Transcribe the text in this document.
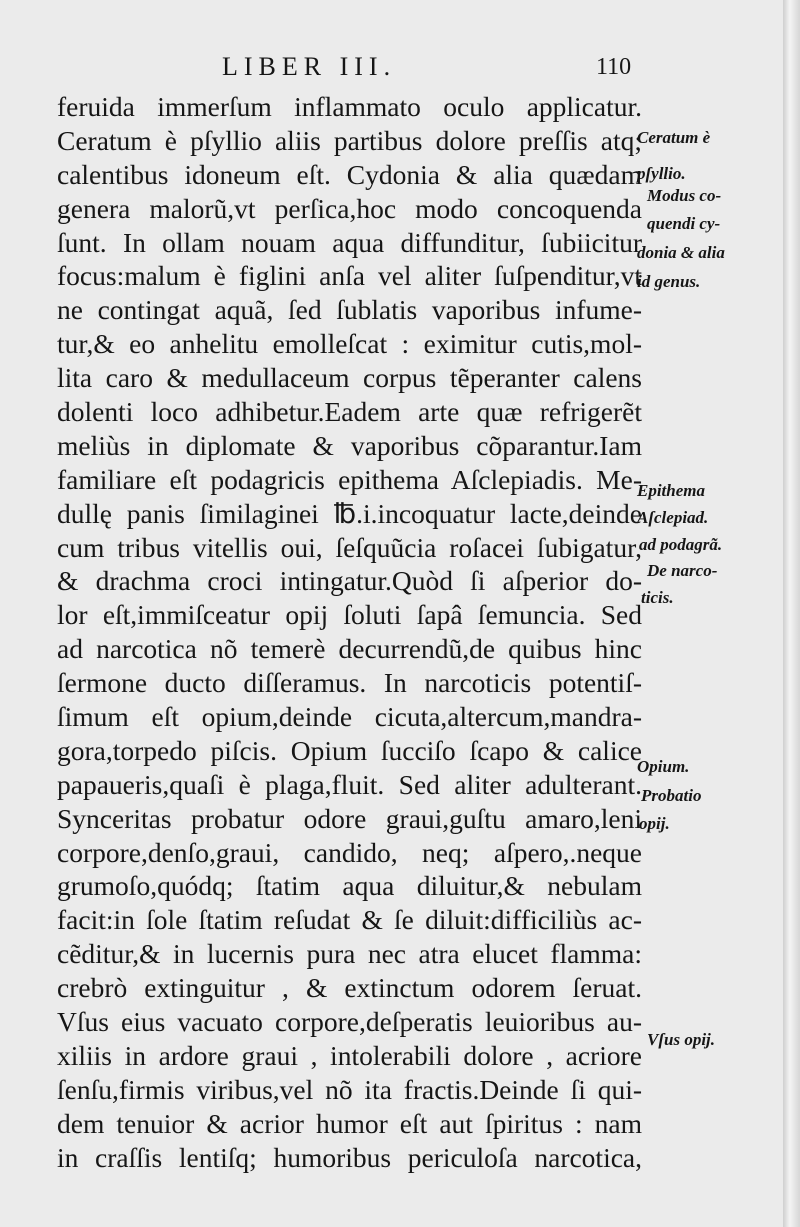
LIBER III.	110
feruida immerſum inflammato oculo applicatur.
Ceratum è pſyllio aliis partibus dolore preſſis atq;
calentibus idoneum eſt. Cydonia & alia quædam
genera malorũ,vt perſica,hoc modo concoquenda
ſunt. In ollam nouam aqua diffunditur, ſubiicitur
focus:malum è figlini anſa vel aliter ſuſpenditur,vt
ne contingat aquã, ſed ſublatis vaporibus infume-
tur,& eo anhelitu emolleſcat : eximitur cutis,mol-
lita caro & medullaceum corpus tẽperanter calens
dolenti loco adhibetur.Eadem arte quæ refrigerẽt
meliùs in diplomate & vaporibus cõparantur.Iam
familiare eſt podagricis epithema Aſclepiadis. Me-
dullę panis ſimilaginei ℔.i.incoquatur lacte,deinde
cum tribus vitellis oui, ſeſquũcia roſacei ſubigatur,
& drachma croci intingatur.Quòd ſi aſperior do-
lor eſt,immiſceatur opij ſoluti ſapâ ſemuncia. Sed
ad narcotica nõ temerè decurrendũ,de quibus hinc
ſermone ducto diſſeramus. In narcoticis potentiſ-
ſimum eſt opium,deinde cicuta,altercum,mandra-
gora,torpedo piſcis. Opium ſucciſo ſcapo & calice
papaueris,quaſi è plaga,fluit. Sed aliter adulterant.
Synceritas probatur odore graui,guſtu amaro,leni
corpore,denſo,graui, candido, neq; aſpero,.neque
grumoſo,quódq; ſtatim aqua diluitur,& nebulam
facit:in ſole ſtatim reſudat & ſe diluit:difficiliùs ac-
cẽditur,& in lucernis pura nec atra elucet flamma:
crebrò extinguitur , & extinctum odorem ſeruat.
Vſus eius vacuato corpore,deſperatis leuioribus au-
xiliis in ardore graui , intolerabili dolore , acriore
ſenſu,firmis viribus,vel nõ ita fractis.Deinde ſi qui-
dem tenuior & acrior humor eſt aut ſpiritus : nam
in craſſis lentiſq; humoribus periculoſa narcotica,
Ceratum è
pſyllio.
Modus co-
quendi cy-
donia & alia
id genus.
Epithema
Aſclepiad.
ad podagrã.
De narco-
ticis.
Opium.
Probatio
opij.
Vſus opij.
